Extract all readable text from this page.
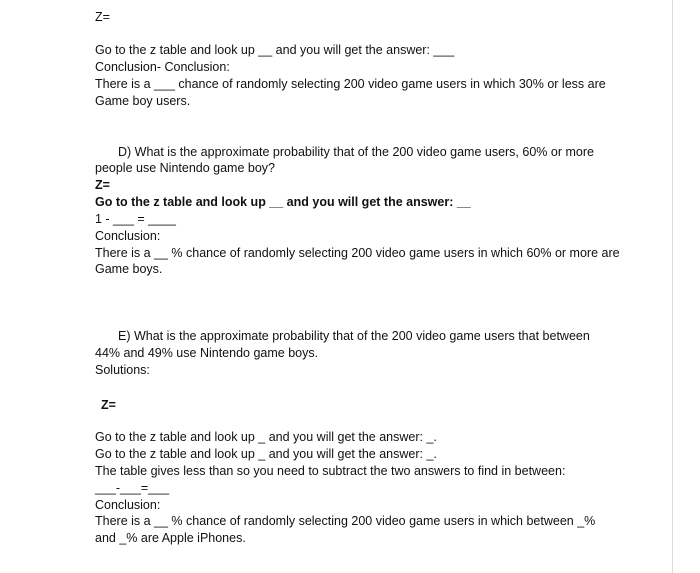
Z=
Go to the z table and look up __ and you will get the answer: ___
Conclusion- Conclusion:
There is a ___ chance of randomly selecting 200 video game users in which 30% or less are
Game boy users.
D) What is the approximate probability that of the 200 video game users, 60% or more
people use Nintendo game boy?
Z=
Go to the z table and look up __ and you will get the answer: __
1 - ___ = ____
Conclusion:
There is a __ % chance of randomly selecting 200 video game users in which 60% or more are
Game boys.
E) What is the approximate probability that of the 200 video game users that between
44% and 49% use Nintendo game boys.
Solutions:
Z=
Go to the z table and look up _ and you will get the answer: _.
Go to the z table and look up _ and you will get the answer: _.
The table gives less than so you need to subtract the two answers to find in between:
___-___=___
Conclusion:
There is a __ % chance of randomly selecting 200 video game users in which between _%
and _% are Apple iPhones.
